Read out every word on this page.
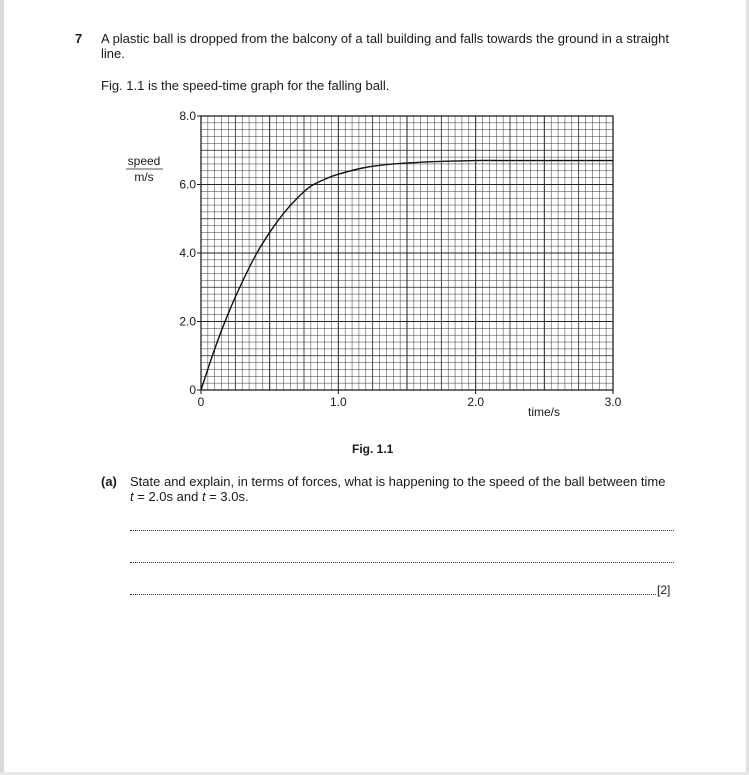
7 A plastic ball is dropped from the balcony of a tall building and falls towards the ground in a straight line.
Fig. 1.1 is the speed-time graph for the falling ball.
0
2.0
4.0
6.0
8.0
0	1.0	2.0	3.0
speed
m/s
time/s
Fig. 1.1
(a) State and explain, in terms of forces, what is happening to the speed of the ball between time
t = 2.0s and t = 3.0s.
[2]
